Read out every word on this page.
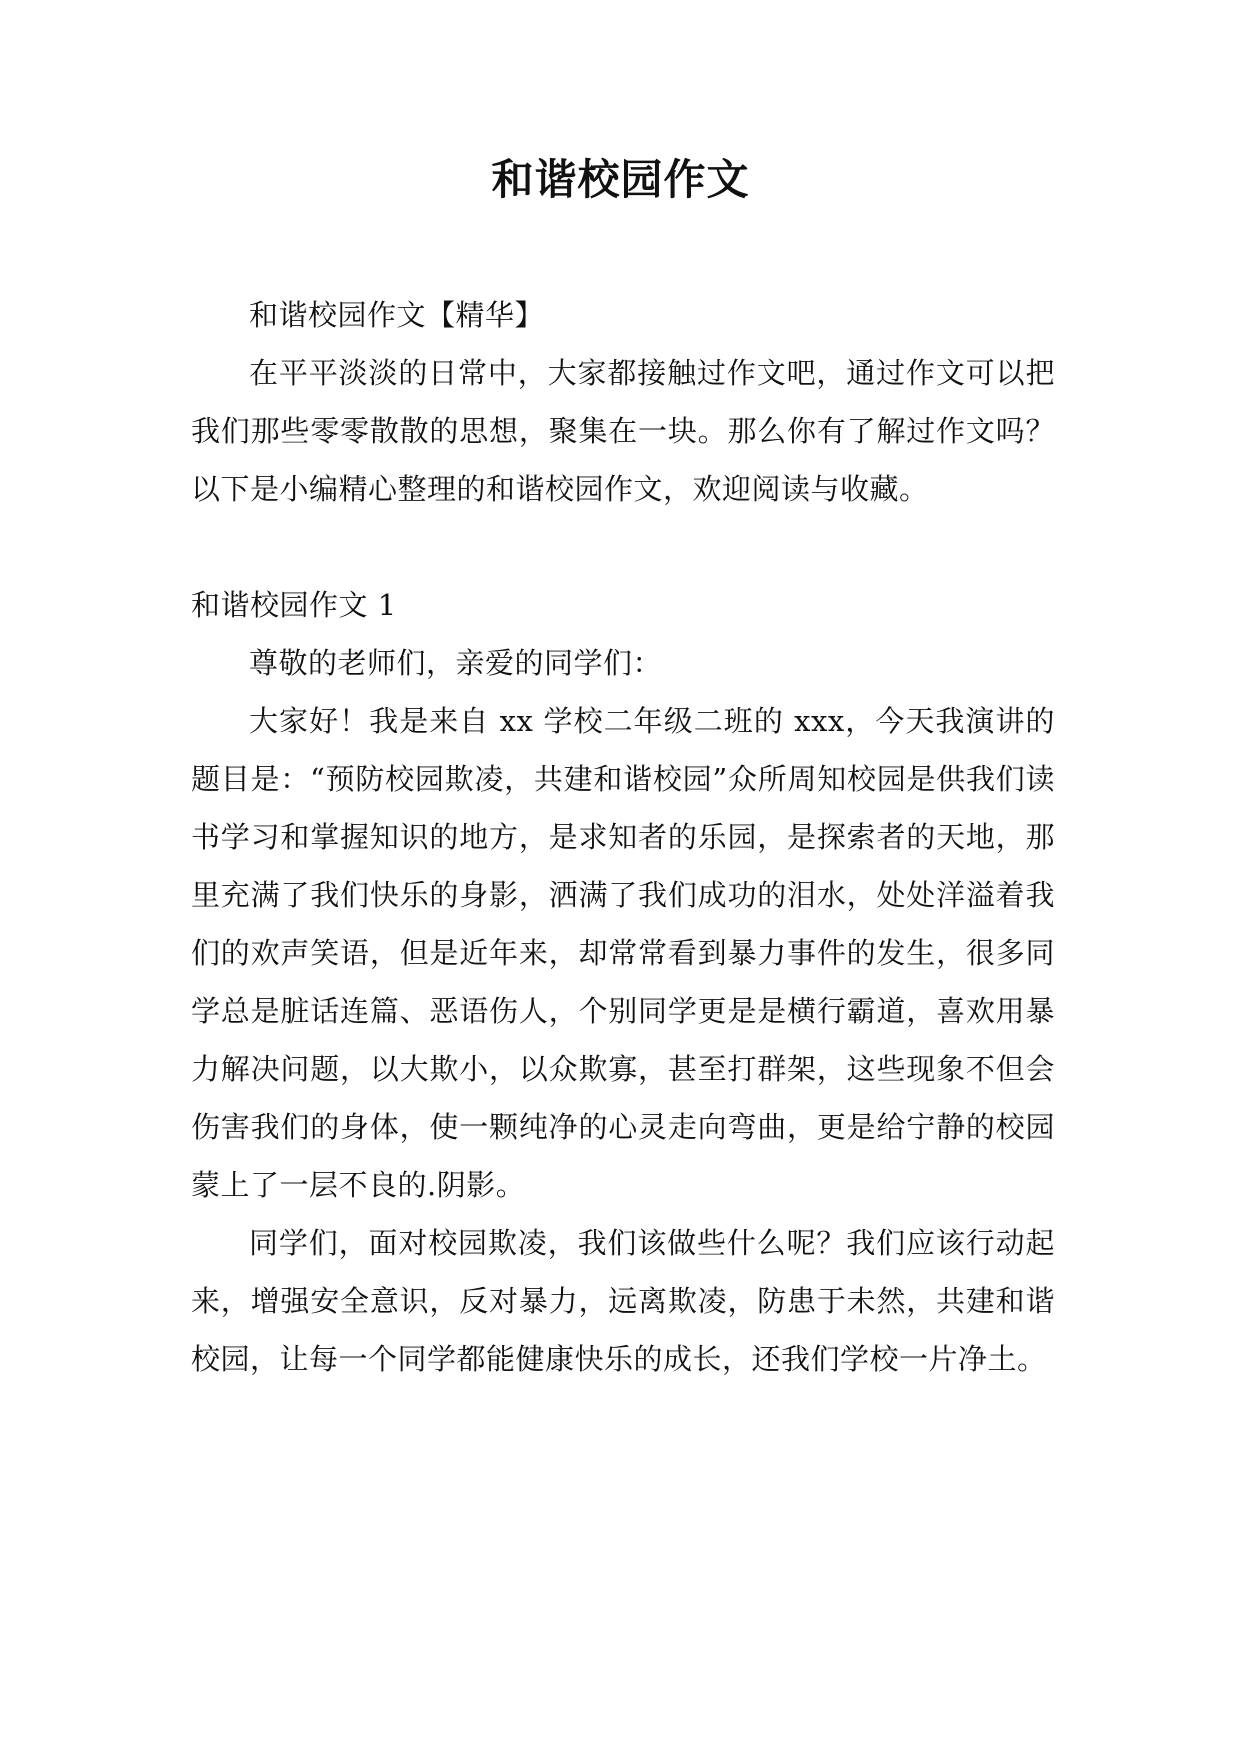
和谐校园作文

和谐校园作文【精华】

在平平淡淡的日常中，大家都接触过作文吧，通过作文可以把我们那些零零散散的思想，聚集在一块。那么你有了解过作文吗？以下是小编精心整理的和谐校园作文，欢迎阅读与收藏。

和谐校园作文 1

尊敬的老师们，亲爱的同学们：

大家好！我是来自 xx 学校二年级二班的 xxx，今天我演讲的题目是：“预防校园欺凌，共建和谐校园”众所周知校园是供我们读书学习和掌握知识的地方，是求知者的乐园，是探索者的天地，那里充满了我们快乐的身影，洒满了我们成功的泪水，处处洋溢着我们的欢声笑语，但是近年来，却常常看到暴力事件的发生，很多同学总是脏话连篇、恶语伤人，个别同学更是是横行霸道，喜欢用暴力解决问题，以大欺小，以众欺寡，甚至打群架，这些现象不但会伤害我们的身体，使一颗纯净的心灵走向弯曲，更是给宁静的校园蒙上了一层不良的.阴影。

同学们，面对校园欺凌，我们该做些什么呢？我们应该行动起来，增强安全意识，反对暴力，远离欺凌，防患于未然，共建和谐校园，让每一个同学都能健康快乐的成长，还我们学校一片净土。
